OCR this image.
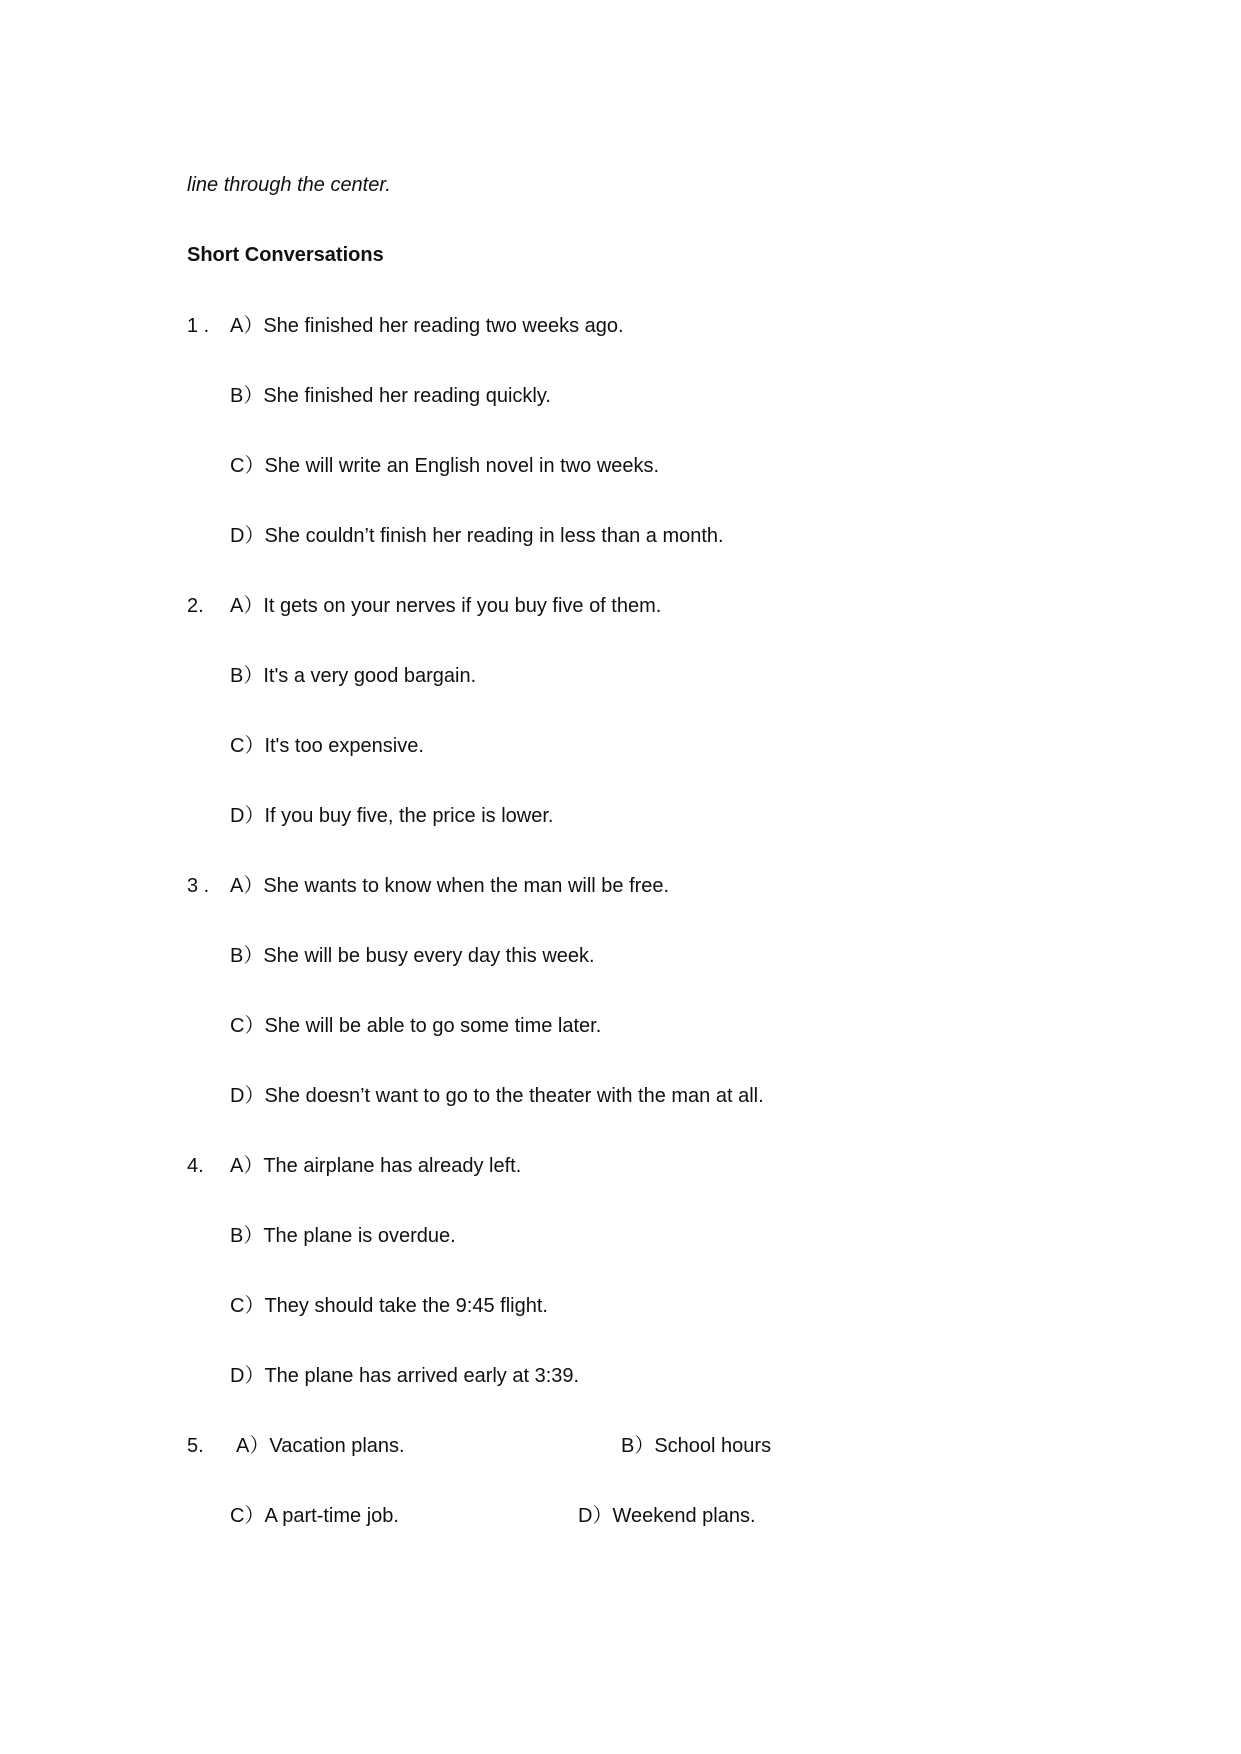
line through the center.
Short Conversations
1 . A）She finished her reading two weeks ago.
B）She finished her reading quickly.
C）She will write an English novel in two weeks.
D）She couldn’t finish her reading in less than a month.
2. A）It gets on your nerves if you buy five of them.
B）It's a very good bargain.
C）It's too expensive.
D）If you buy five, the price is lower.
3 . A）She wants to know when the man will be free.
B）She will be busy every day this week.
C）She will be able to go some time later.
D）She doesn’t want to go to the theater with the man at all.
4. A）The airplane has already left.
B）The plane is overdue.
C）They should take the 9:45 flight.
D）The plane has arrived early at 3:39.
5. A）Vacation plans.	B）School hours
C）A part-time job.	D）Weekend plans.
